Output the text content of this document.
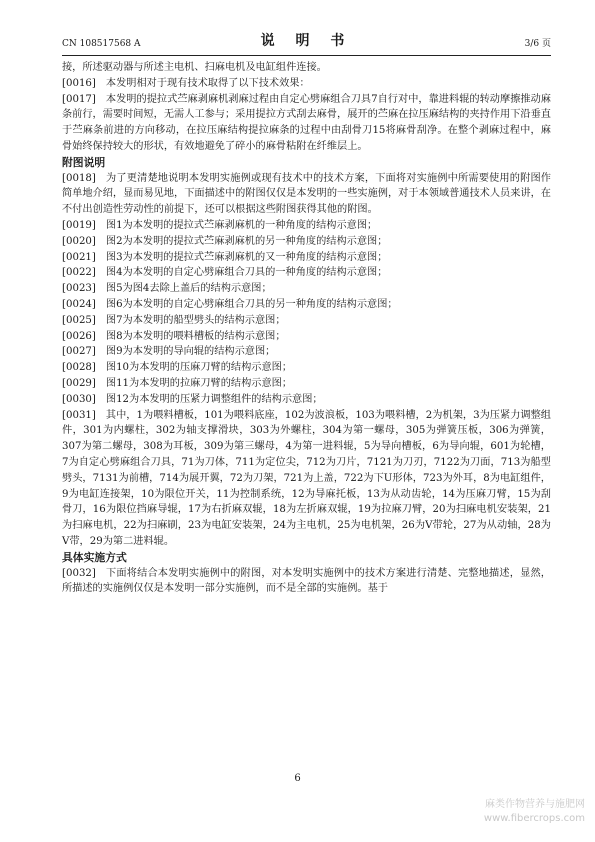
CN 108517568 A	说 明 书	3/6 页

接，所述驱动器与所述主电机、扫麻电机及电缸组件连接。

[0016] 本发明相对于现有技术取得了以下技术效果：

[0017] 本发明的提拉式苎麻剥麻机剥麻过程由自定心劈麻组合刀具7自行对中，靠进料辊的转动摩擦推动麻条前行，需要时间短，无需人工参与；采用提拉方式刮去麻骨，展开的苎麻在拉压麻结构的夹持作用下沿垂直于苎麻条前进的方向移动，在拉压麻结构提拉麻条的过程中由刮骨刀15将麻骨刮净。在整个剥麻过程中，麻骨始终保持较大的形状，有效地避免了碎小的麻骨粘附在纤维层上。

附图说明

[0018] 为了更清楚地说明本发明实施例或现有技术中的技术方案，下面将对实施例中所需要使用的附图作简单地介绍，显而易见地，下面描述中的附图仅仅是本发明的一些实施例，对于本领域普通技术人员来讲，在不付出创造性劳动性的前提下，还可以根据这些附图获得其他的附图。

[0019] 图1为本发明的提拉式苎麻剥麻机的一种角度的结构示意图；

[0020] 图2为本发明的提拉式苎麻剥麻机的另一种角度的结构示意图；

[0021] 图3为本发明的提拉式苎麻剥麻机的又一种角度的结构示意图；

[0022] 图4为本发明的自定心劈麻组合刀具的一种角度的结构示意图；

[0023] 图5为图4去除上盖后的结构示意图；

[0024] 图6为本发明的自定心劈麻组合刀具的另一种角度的结构示意图；

[0025] 图7为本发明的船型劈头的结构示意图；

[0026] 图8为本发明的喂料槽板的结构示意图；

[0027] 图9为本发明的导向辊的结构示意图；

[0028] 图10为本发明的压麻刀臂的结构示意图；

[0029] 图11为本发明的拉麻刀臂的结构示意图；

[0030] 图12为本发明的压紧力调整组件的结构示意图；

[0031] 其中，1为喂料槽板，101为喂料底座，102为波浪板，103为喂料槽，2为机架，3为压紧力调整组件，301为内螺柱，302为轴支撑滑块，303为外螺柱，304为第一螺母，305为弹簧压板，306为弹簧，307为第二螺母，308为耳板，309为第三螺母，4为第一进料辊，5为导向槽板，6为导向辊，601为轮槽，7为自定心劈麻组合刀具，71为刀体，711为定位尖，712为刀片，7121为刀刃，7122为刀面，713为船型劈头，7131为前槽，714为展开翼，72为刀架，721为上盖，722为下U形体，723为外耳，8为电缸组件，9为电缸连接架，10为限位开关，11为控制系统，12为导麻托板，13为从动齿轮，14为压麻刀臂，15为刮骨刀，16为限位挡麻导辊，17为右折麻双辊，18为左折麻双辊，19为拉麻刀臂，20为扫麻电机安装架，21为扫麻电机，22为扫麻刷，23为电缸安装架，24为主电机，25为电机架，26为V带轮，27为从动轴，28为V带，29为第二进料辊。

具体实施方式

[0032] 下面将结合本发明实施例中的附图，对本发明实施例中的技术方案进行清楚、完整地描述，显然，所描述的实施例仅仅是本发明一部分实施例，而不是全部的实施例。基于

6
麻类作物营养与施肥网
www.fibercrops.com
